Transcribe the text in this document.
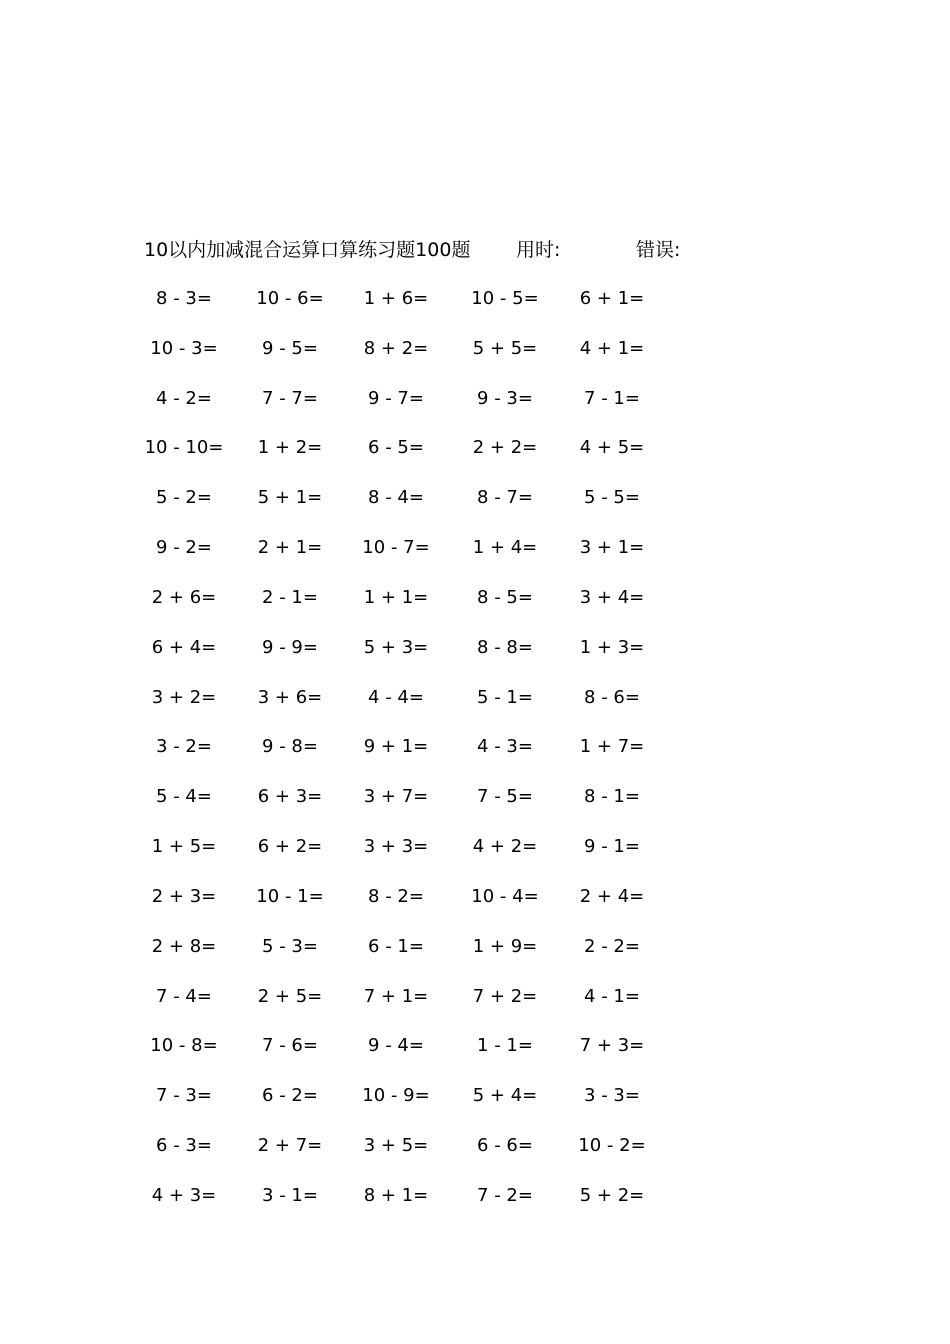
10以内加减混合运算口算练习题100题 用时:	错误:
8 - 3=	10 - 6=	1 + 6=	10 - 5=	6 + 1=
10 - 3=	9 - 5=	8 + 2=	5 + 5=	4 + 1=
4 - 2=	7 - 7=	9 - 7=	9 - 3=	7 - 1=
10 - 10=	1 + 2=	6 - 5=	2 + 2=	4 + 5=
5 - 2=	5 + 1=	8 - 4=	8 - 7=	5 - 5=
9 - 2=	2 + 1=	10 - 7=	1 + 4=	3 + 1=
2 + 6=	2 - 1=	1 + 1=	8 - 5=	3 + 4=
6 + 4=	9 - 9=	5 + 3=	8 - 8=	1 + 3=
3 + 2=	3 + 6=	4 - 4=	5 - 1=	8 - 6=
3 - 2=	9 - 8=	9 + 1=	4 - 3=	1 + 7=
5 - 4=	6 + 3=	3 + 7=	7 - 5=	8 - 1=
1 + 5=	6 + 2=	3 + 3=	4 + 2=	9 - 1=
2 + 3=	10 - 1=	8 - 2=	10 - 4=	2 + 4=
2 + 8=	5 - 3=	6 - 1=	1 + 9=	2 - 2=
7 - 4=	2 + 5=	7 + 1=	7 + 2=	4 - 1=
10 - 8=	7 - 6=	9 - 4=	1 - 1=	7 + 3=
7 - 3=	6 - 2=	10 - 9=	5 + 4=	3 - 3=
6 - 3=	2 + 7=	3 + 5=	6 - 6=	10 - 2=
4 + 3=	3 - 1=	8 + 1=	7 - 2=	5 + 2=
